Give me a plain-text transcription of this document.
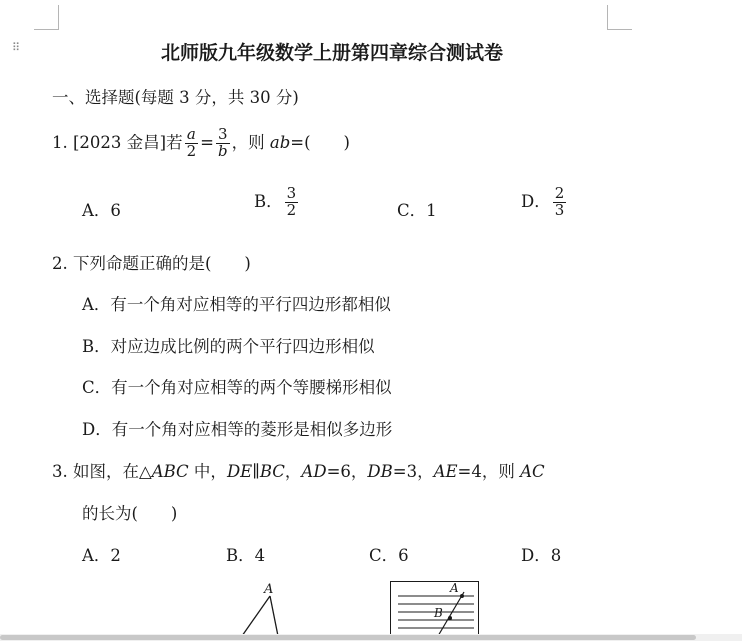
⠿	北师版九年级数学上册第四章综合测试卷
一、选择题(每题 3 分，共 30 分)
1. [2023 金昌]若 $\frac{a}{2} = \frac{3}{b}$ ，则 ab=(　　)
A．6	B． $\frac{3}{2}$	C．1	D． $\frac{2}{3}$
2. 下列命题正确的是(　　)
A．有一个角对应相等的平行四边形都相似
B．对应边成比例的两个平行四边形相似
C．有一个角对应相等的两个等腰梯形相似
D．有一个角对应相等的菱形是相似多边形
3. 如图，在△ABC 中，DE∥BC，AD=6，DB=3，AE=4，则 AC
的长为(　　)
A．2	B．4	C．6	D．8
A	A
B
